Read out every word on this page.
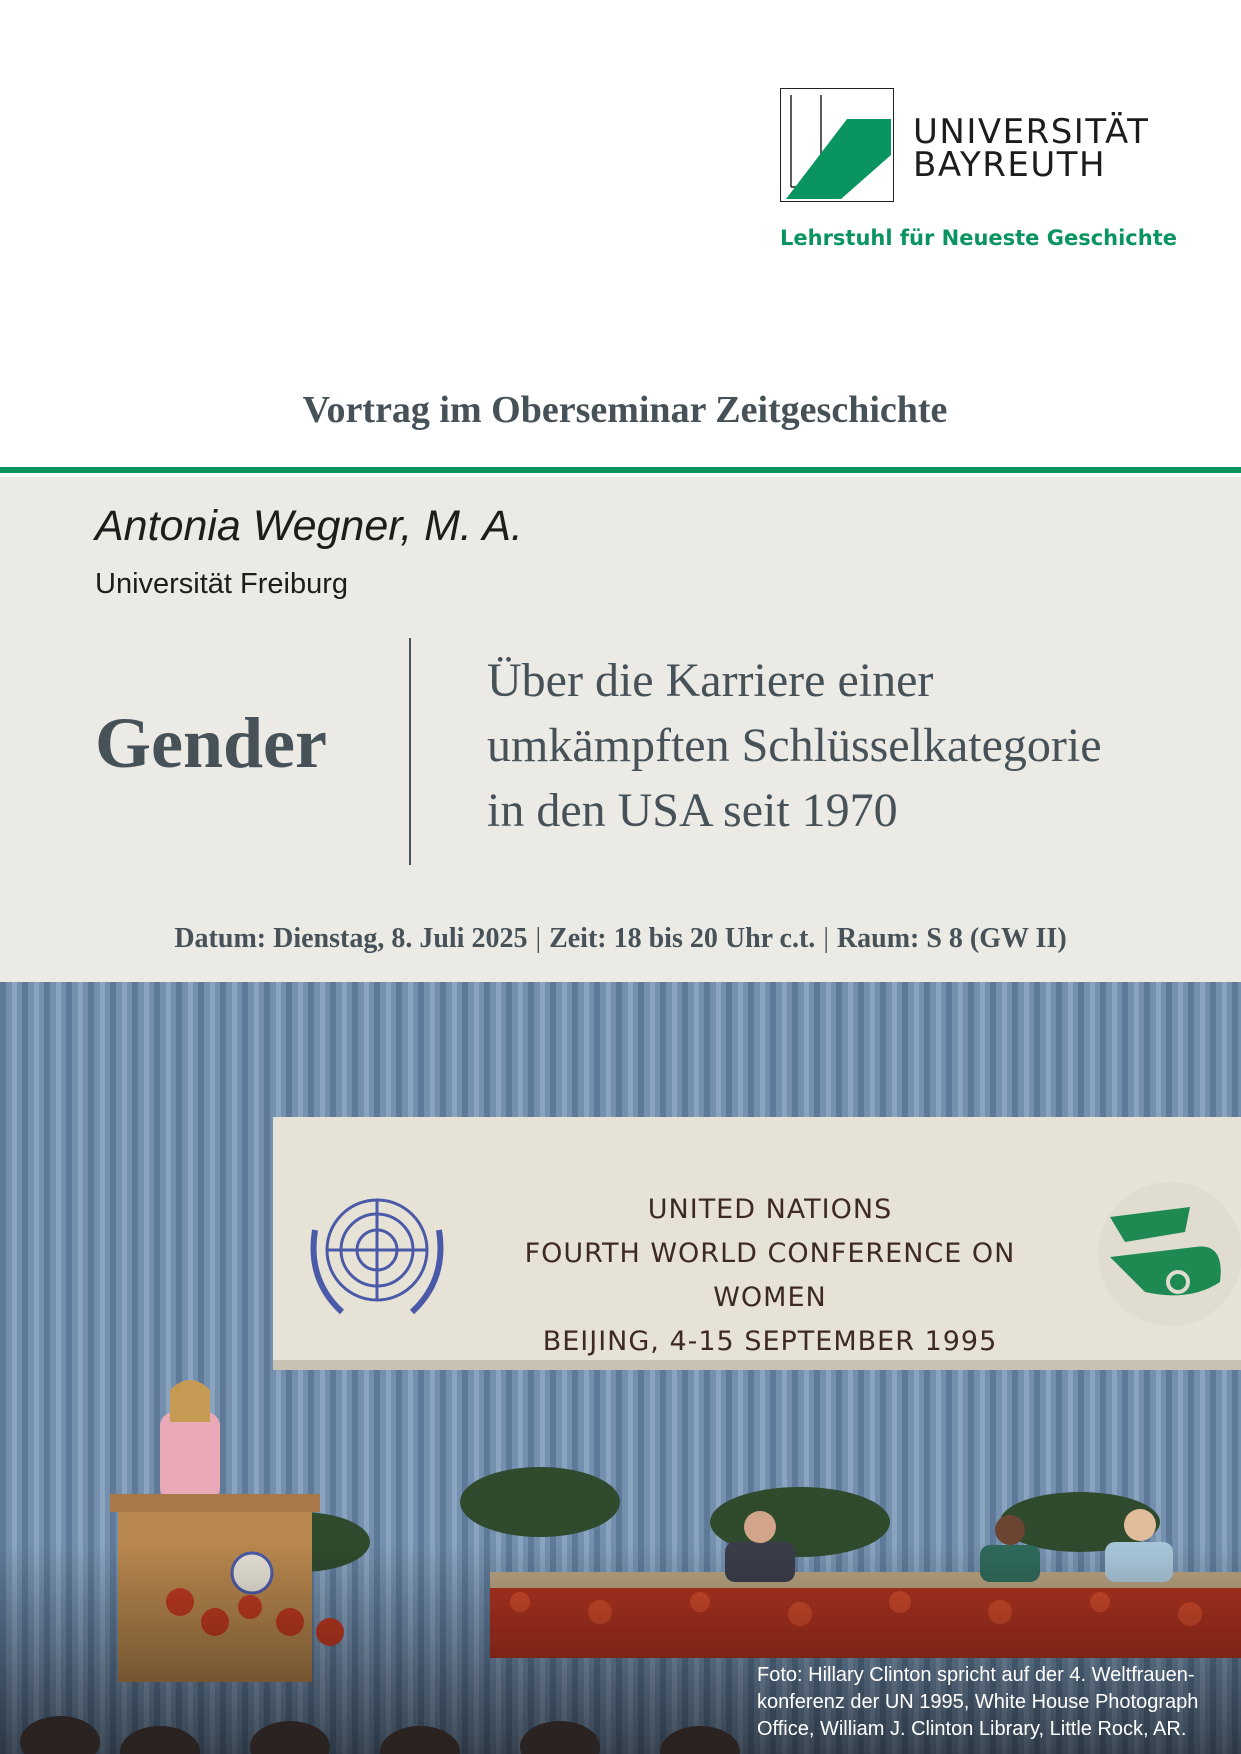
UNIVERSITÄT
BAYREUTH
Lehrstuhl für Neueste Geschichte
Vortrag im Oberseminar Zeitgeschichte
Antonia Wegner, M. A.
Universität Freiburg
Gender
Über die Karriere einer
umkämpften Schlüsselkategorie
in den USA seit 1970
Datum: Dienstag, 8. Juli 2025 | Zeit: 18 bis 20 Uhr c.t. | Raum: S 8 (GW II)
UNITED NATIONS
FOURTH WORLD CONFERENCE ON WOMEN
BEIJING, 4-15 SEPTEMBER 1995
Foto: Hillary Clinton spricht auf der 4. Weltfrauen-
konferenz der UN 1995, White House Photograph
Office, William J. Clinton Library, Little Rock, AR.
